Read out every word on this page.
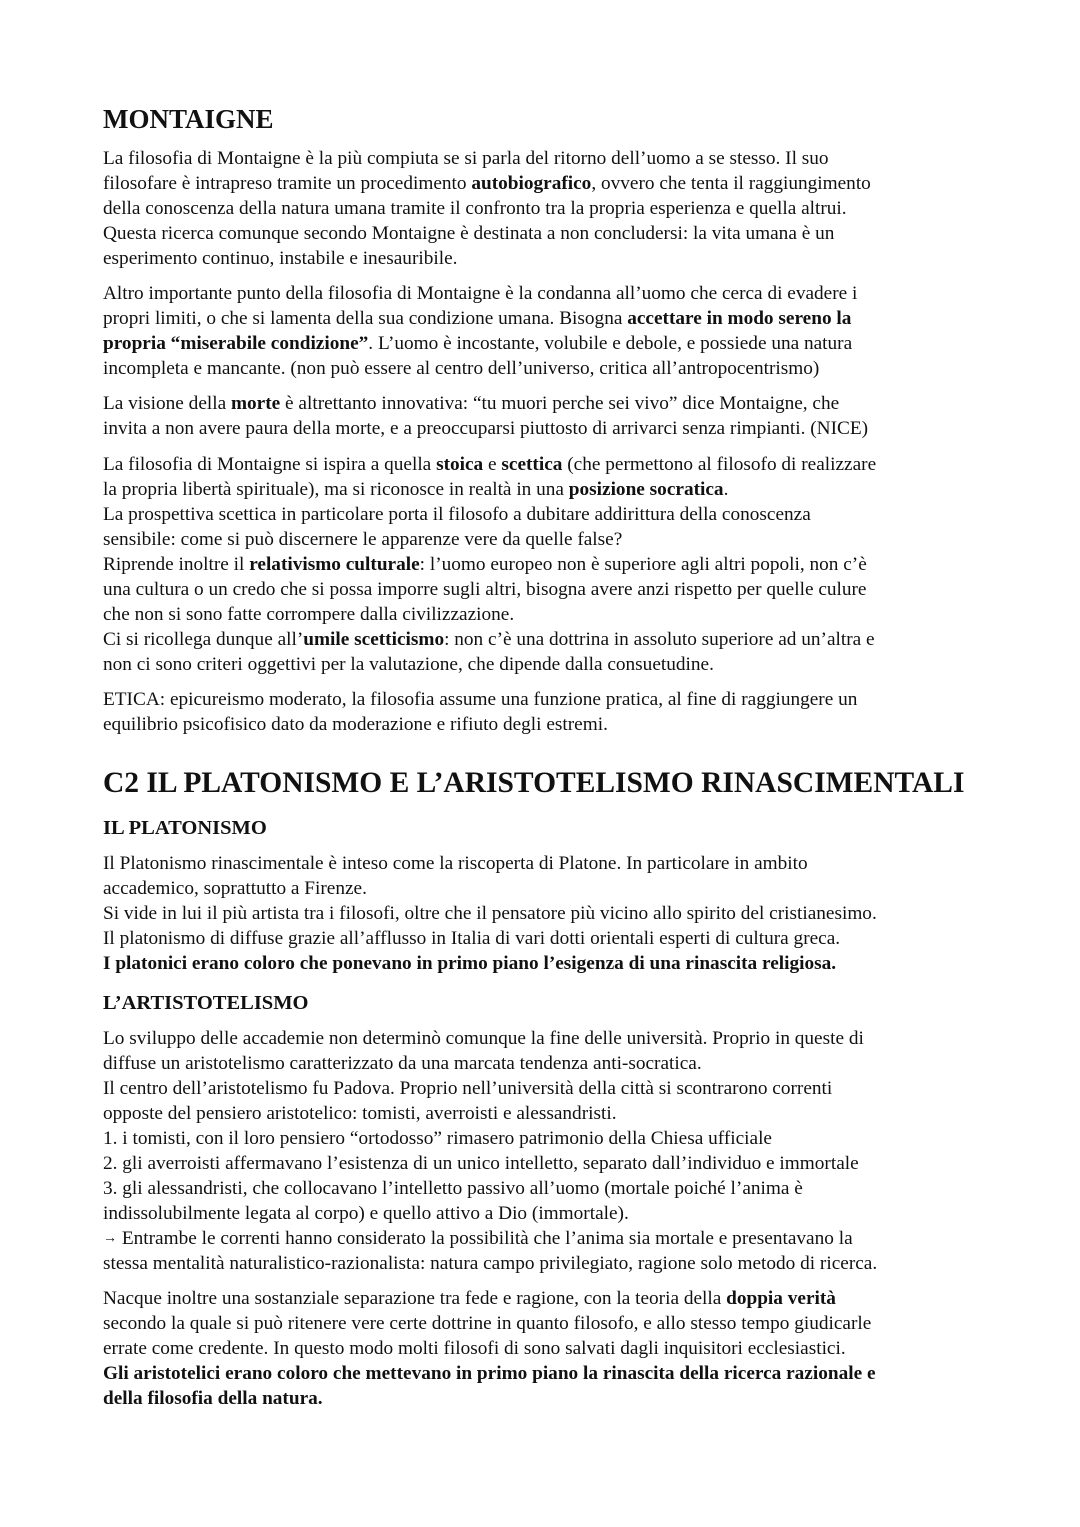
MONTAIGNE
La filosofia di Montaigne è la più compiuta se si parla del ritorno dell’uomo a se stesso. Il suo
filosofare è intrapreso tramite un procedimento autobiografico, ovvero che tenta il raggiungimento
della conoscenza della natura umana tramite il confronto tra la propria esperienza e quella altrui.
Questa ricerca comunque secondo Montaigne è destinata a non concludersi: la vita umana è un
esperimento continuo, instabile e inesauribile.
Altro importante punto della filosofia di Montaigne è la condanna all’uomo che cerca di evadere i
propri limiti, o che si lamenta della sua condizione umana. Bisogna accettare in modo sereno la
propria “miserabile condizione”. L’uomo è incostante, volubile e debole, e possiede una natura
incompleta e mancante. (non può essere al centro dell’universo, critica all’antropocentrismo)
La visione della morte è altrettanto innovativa: “tu muori perche sei vivo” dice Montaigne, che
invita a non avere paura della morte, e a preoccuparsi piuttosto di arrivarci senza rimpianti. (NICE)
La filosofia di Montaigne si ispira a quella stoica e scettica (che permettono al filosofo di realizzare
la propria libertà spirituale), ma si riconosce in realtà in una posizione socratica.
La prospettiva scettica in particolare porta il filosofo a dubitare addirittura della conoscenza
sensibile: come si può discernere le apparenze vere da quelle false?
Riprende inoltre il relativismo culturale: l’uomo europeo non è superiore agli altri popoli, non c’è
una cultura o un credo che si possa imporre sugli altri, bisogna avere anzi rispetto per quelle culure
che non si sono fatte corrompere dalla civilizzazione.
Ci si ricollega dunque all’umile scetticismo: non c’è una dottrina in assoluto superiore ad un’altra e
non ci sono criteri oggettivi per la valutazione, che dipende dalla consuetudine.
ETICA: epicureismo moderato, la filosofia assume una funzione pratica, al fine di raggiungere un
equilibrio psicofisico dato da moderazione e rifiuto degli estremi.
C2 IL PLATONISMO E L’ARISTOTELISMO RINASCIMENTALI
IL PLATONISMO
Il Platonismo rinascimentale è inteso come la riscoperta di Platone. In particolare in ambito
accademico, soprattutto a Firenze.
Si vide in lui il più artista tra i filosofi, oltre che il pensatore più vicino allo spirito del cristianesimo.
Il platonismo di diffuse grazie all’afflusso in Italia di vari dotti orientali esperti di cultura greca.
I platonici erano coloro che ponevano in primo piano l’esigenza di una rinascita religiosa.
L’ARTISTOTELISMO
Lo sviluppo delle accademie non determinò comunque la fine delle università. Proprio in queste di
diffuse un aristotelismo caratterizzato da una marcata tendenza anti-socratica.
Il centro dell’aristotelismo fu Padova. Proprio nell’università della città si scontrarono correnti
opposte del pensiero aristotelico: tomisti, averroisti e alessandristi.
1. i tomisti, con il loro pensiero “ortodosso” rimasero patrimonio della Chiesa ufficiale
2. gli averroisti affermavano l’esistenza di un unico intelletto, separato dall’individuo e immortale
3. gli alessandristi, che collocavano l’intelletto passivo all’uomo (mortale poiché l’anima è
indissolubilmente legata al corpo) e quello attivo a Dio (immortale).
→ Entrambe le correnti hanno considerato la possibilità che l’anima sia mortale e presentavano la
stessa mentalità naturalistico-razionalista: natura campo privilegiato, ragione solo metodo di ricerca.
Nacque inoltre una sostanziale separazione tra fede e ragione, con la teoria della doppia verità
secondo la quale si può ritenere vere certe dottrine in quanto filosofo, e allo stesso tempo giudicarle
errate come credente. In questo modo molti filosofi di sono salvati dagli inquisitori ecclesiastici.
Gli aristotelici erano coloro che mettevano in primo piano la rinascita della ricerca razionale e
della filosofia della natura.
